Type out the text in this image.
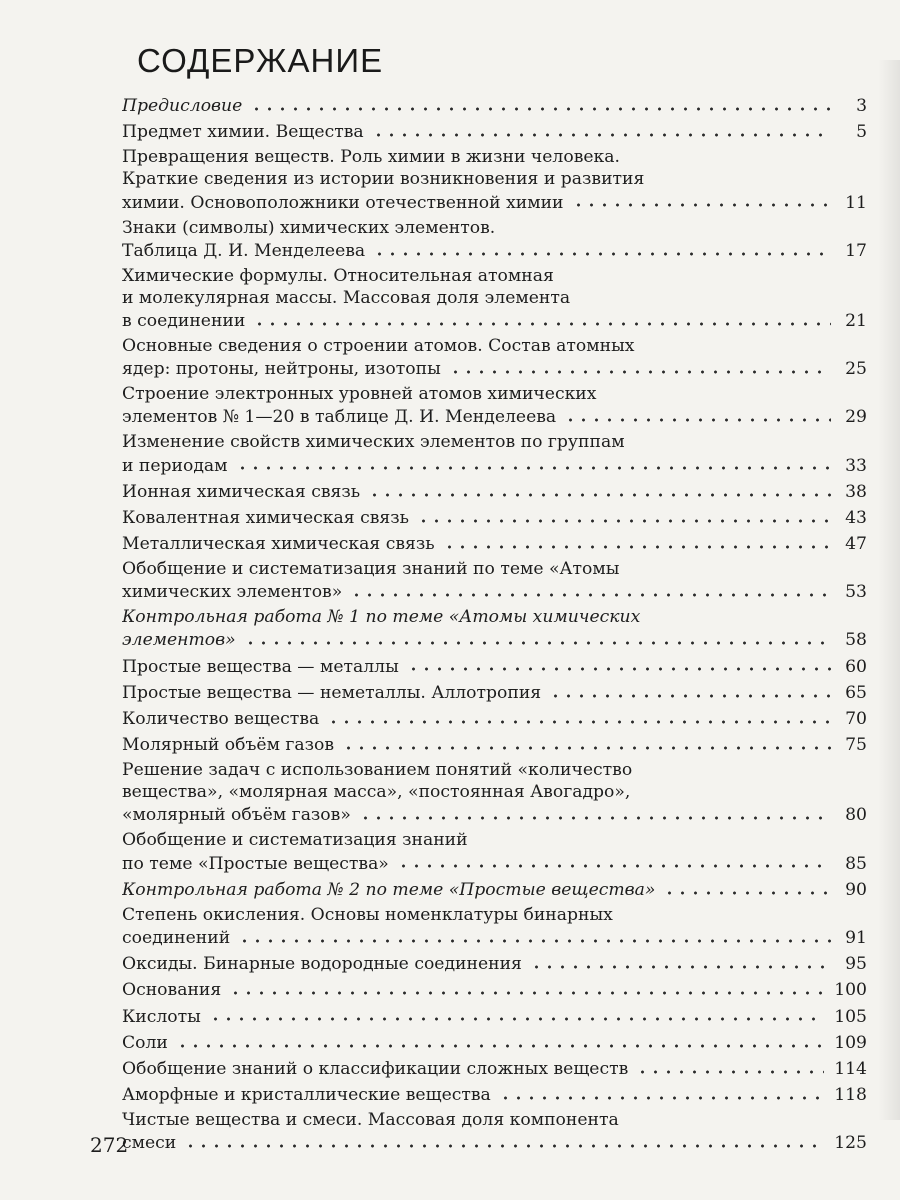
СОДЕРЖАНИЕ
Предисловие	3
Предмет химии. Вещества	5
Превращения веществ. Роль химии в жизни человека.
Краткие сведения из истории возникновения и развития
химии. Основоположники отечественной химии	11
Знаки (символы) химических элементов.
Таблица Д. И. Менделеева	17
Химические формулы. Относительная атомная
и молекулярная массы. Массовая доля элемента
в соединении	21
Основные сведения о строении атомов. Состав атомных
ядер: протоны, нейтроны, изотопы	25
Строение электронных уровней атомов химических
элементов № 1—20 в таблице Д. И. Менделеева	29
Изменение свойств химических элементов по группам
и периодам	33
Ионная химическая связь	38
Ковалентная химическая связь	43
Металлическая химическая связь	47
Обобщение и систематизация знаний по теме «Атомы
химических элементов»	53
Контрольная работа № 1 по теме «Атомы химических
элементов»	58
Простые вещества — металлы	60
Простые вещества — неметаллы. Аллотропия	65
Количество вещества	70
Молярный объём газов	75
Решение задач с использованием понятий «количество
вещества», «молярная масса», «постоянная Авогадро»,
«молярный объём газов»	80
Обобщение и систематизация знаний
по теме «Простые вещества»	85
Контрольная работа № 2 по теме «Простые вещества»	90
Степень окисления. Основы номенклатуры бинарных
соединений	91
Оксиды. Бинарные водородные соединения	95
Основания	100
Кислоты	105
Соли	109
Обобщение знаний о классификации сложных веществ	114
Аморфные и кристаллические вещества	118
Чистые вещества и смеси. Массовая доля компонента
смеси	125

272
